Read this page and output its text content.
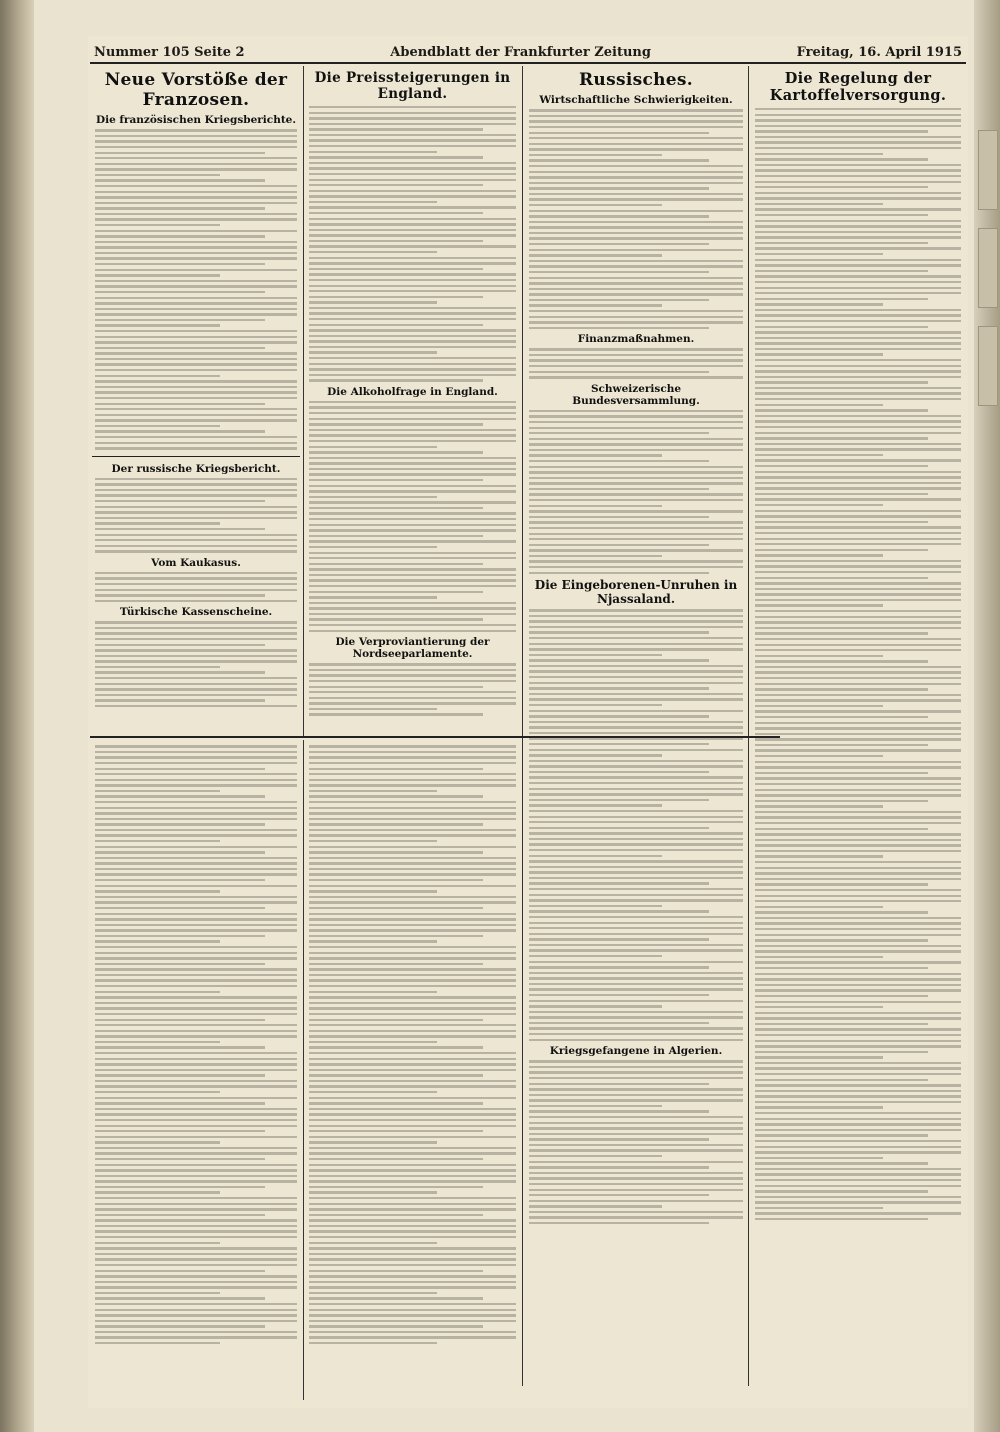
Nummer 105 Seite 2	Abendblatt der Frankfurter Zeitung	Freitag, 16. April 1915
Neue Vorstöße der Franzosen.
Die französischen Kriegsberichte.
Der russische Kriegsbericht.
Vom Kaukasus.
Türkische Kassenscheine.
Die Preissteigerungen in England.
Die Alkoholfrage in England.
Die Verproviantierung der Nordseeparlamente.
Russisches.
Wirtschaftliche Schwierigkeiten.
Finanzmaßnahmen.
Schweizerische Bundesversammlung.
Die Eingeborenen-Unruhen in Njassaland.
Kriegsgefangene in Algerien.
Die Regelung der Kartoffelversorgung.
